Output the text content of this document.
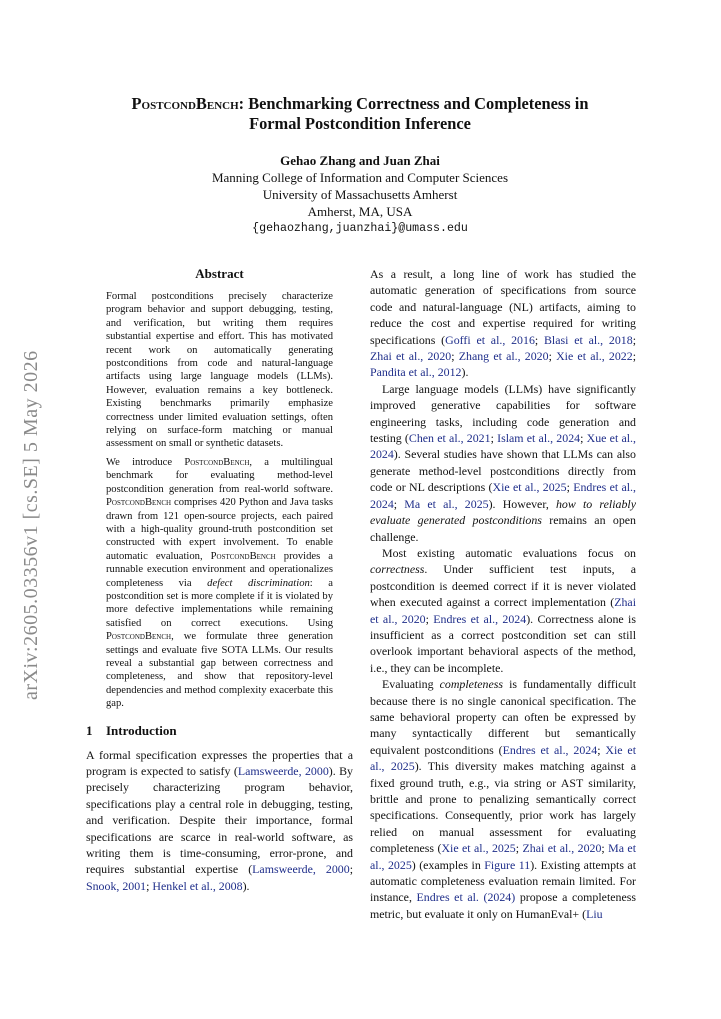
arXiv:2605.03356v1 [cs.SE] 5 May 2026
PostcondBench: Benchmarking Correctness and Completeness in
Formal Postcondition Inference
Gehao Zhang and Juan Zhai
Manning College of Information and Computer Sciences
University of Massachusetts Amherst
Amherst, MA, USA
{gehaozhang,juanzhai}@umass.edu
Abstract

Formal postconditions precisely characterize program behavior and support debugging, testing, and verification, but writing them requires substantial expertise and effort. This has motivated recent work on automatically generating postconditions from code and natural-language artifacts using large language models (LLMs). However, evaluation remains a key bottleneck. Existing benchmarks primarily emphasize correctness under limited evaluation settings, often relying on surface-form matching or manual assessment on small or synthetic datasets.

We introduce PostcondBench, a multilingual benchmark for evaluating method-level postcondition generation from real-world software. PostcondBench comprises 420 Python and Java tasks drawn from 121 open-source projects, each paired with a high-quality ground-truth postcondition set constructed with expert involvement. To enable automatic evaluation, PostcondBench provides a runnable execution environment and operationalizes completeness via defect discrimination: a postcondition set is more complete if it is violated by more defective implementations while remaining satisfied on correct executions. Using PostcondBench, we formulate three generation settings and evaluate five SOTA LLMs. Our results reveal a substantial gap between correctness and completeness, and show that repository-level dependencies and method complexity exacerbate this gap.

1 Introduction

A formal specification expresses the properties that a program is expected to satisfy (Lamsweerde, 2000). By precisely characterizing program behavior, specifications play a central role in debugging, testing, and verification. Despite their importance, formal specifications are scarce in real-world software, as writing them is time-consuming, error-prone, and requires substantial expertise (Lamsweerde, 2000; Snook, 2001; Henkel et al., 2008).

As a result, a long line of work has studied the automatic generation of specifications from source code and natural-language (NL) artifacts, aiming to reduce the cost and expertise required for writing specifications (Goffi et al., 2016; Blasi et al., 2018; Zhai et al., 2020; Zhang et al., 2020; Xie et al., 2022; Pandita et al., 2012).

Large language models (LLMs) have significantly improved generative capabilities for software engineering tasks, including code generation and testing (Chen et al., 2021; Islam et al., 2024; Xue et al., 2024). Several studies have shown that LLMs can also generate method-level postconditions directly from code or NL descriptions (Xie et al., 2025; Endres et al., 2024; Ma et al., 2025). However, how to reliably evaluate generated postconditions remains an open challenge.

Most existing automatic evaluations focus on correctness. Under sufficient test inputs, a postcondition is deemed correct if it is never violated when executed against a correct implementation (Zhai et al., 2020; Endres et al., 2024). Correctness alone is insufficient as a correct postcondition set can still overlook important behavioral aspects of the method, i.e., they can be incomplete.

Evaluating completeness is fundamentally difficult because there is no single canonical specification. The same behavioral property can often be expressed by many syntactically different but semantically equivalent postconditions (Endres et al., 2024; Xie et al., 2025). This diversity makes matching against a fixed ground truth, e.g., via string or AST similarity, brittle and prone to penalizing semantically correct specifications. Consequently, prior work has largely relied on manual assessment for evaluating completeness (Xie et al., 2025; Zhai et al., 2020; Ma et al., 2025) (examples in Figure 11). Existing attempts at automatic completeness evaluation remain limited. For instance, Endres et al. (2024) propose a completeness metric, but evaluate it only on HumanEval+ (Liu
